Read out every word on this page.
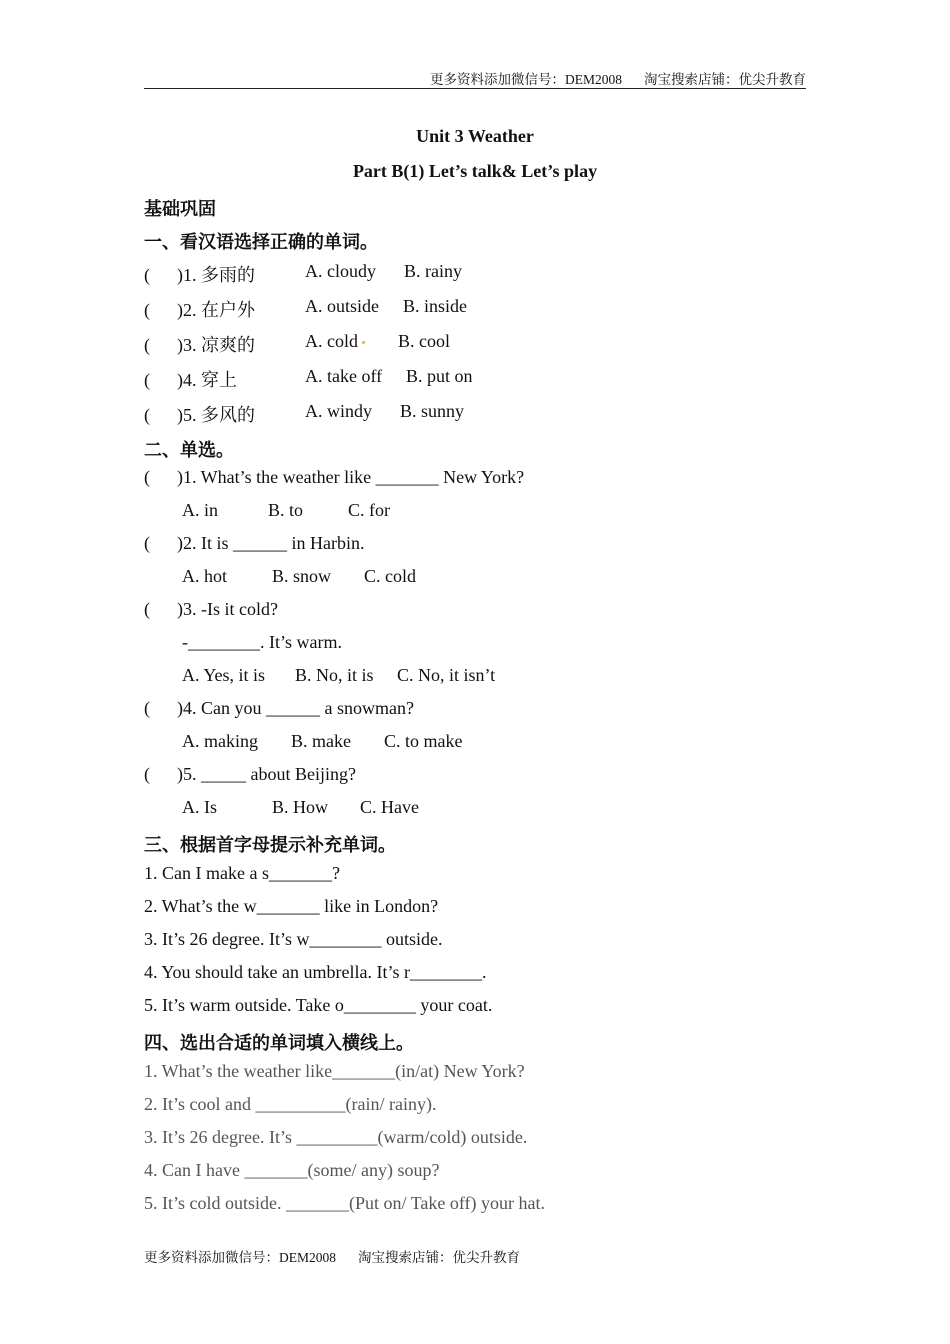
更多资料添加微信号：DEM2008 淘宝搜索店铺：优尖升教育
Unit 3 Weather
Part B(1) Let’s talk& Let’s play
基础巩固
一、看汉语选择正确的单词。
(      )1. 多雨的	A. cloudy B. rainy
(      )2. 在户外	A. outside B. inside
(      )3. 凉爽的	A. cold	B. cool
(      )4. 穿上	A. take off B. put on
(      )5. 多风的	A. windy B. sunny
二、单选。
(      )1. What’s the weather like _______ New York?
A. in	B. to C. for
(      )2. It is ______ in Harbin.
A. hot	B. snow C. cold
(      )3. -Is it cold?
-________. It’s warm.
A. Yes, it is B. No, it is C. No, it isn’t
(      )4. Can you ______ a snowman?
A. making B. make C. to make
(      )5. _____ about Beijing?
A. Is	B. How C. Have
三、根据首字母提示补充单词。
1. Can I make a s_______?
2. What’s the w_______ like in London?
3. It’s 26 degree. It’s w________ outside.
4. You should take an umbrella. It’s r________.
5. It’s warm outside. Take o________ your coat.
四、选出合适的单词填入横线上。
1. What’s the weather like_______(in/at) New York?
2. It’s cool and __________(rain/ rainy).
3. It’s 26 degree. It’s _________(warm/cold) outside.
4. Can I have _______(some/ any) soup?
5. It’s cold outside. _______(Put on/ Take off) your hat.
更多资料添加微信号：DEM2008 淘宝搜索店铺：优尖升教育
